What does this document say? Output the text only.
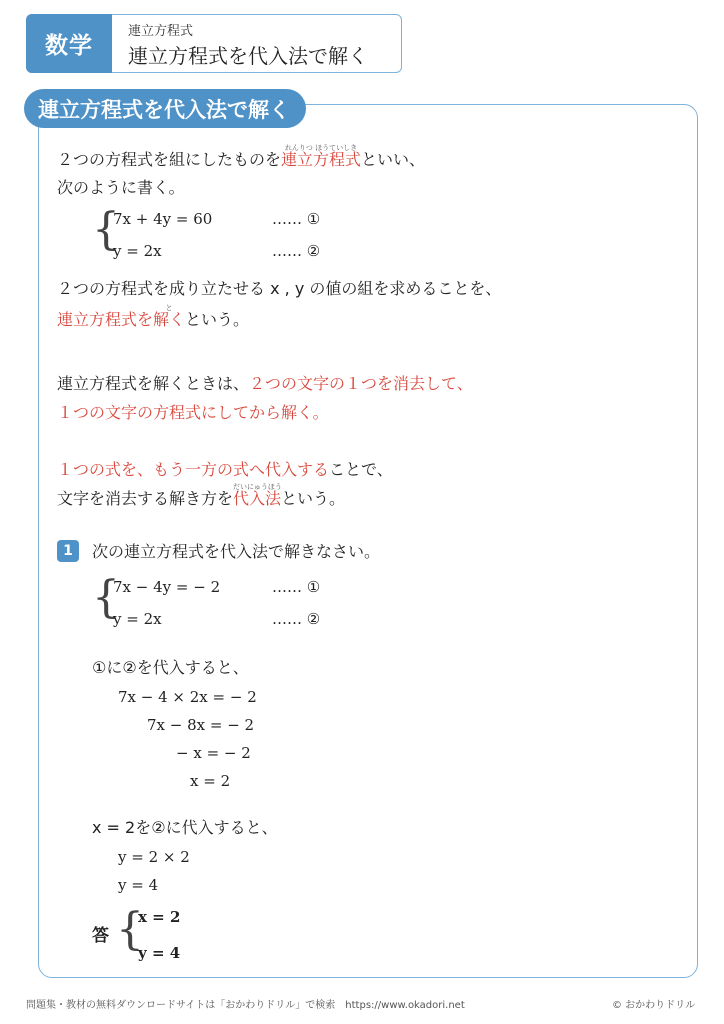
数学
連立方程式
連立方程式を代入法で解く
連立方程式を代入法で解く
２つの方程式を組にしたものを
れんりつ ほうていしき
連立方程式といい、
次のように書く。
{
7x + 4y = 60	…… ①
y = 2x	…… ②
２つの方程式を成り立たせる x , y の値の組を求めることを、
連立方程式を
と
解くという。
連立方程式を解くときは、２つの文字の１つを消去して、
１つの文字の方程式にしてから解く。
１つの式を、もう一方の式へ代入することで、
文字を消去する解き方を
だいにゅうほう
代入法という。
1	次の連立方程式を代入法で解きなさい。
{
7x − 4y = − 2	…… ①
y = 2x	…… ②
①に②を代入すると、
7x − 4 × 2x = − 2
7x − 8x = − 2
− x = − 2
x = 2
x = 2を②に代入すると、
y = 2 × 2
y = 4
答 {
x = 2
y = 4
問題集・教材の無料ダウンロードサイトは「おかわりドリル」で検索　https://www.okadori.net	© おかわりドリル
